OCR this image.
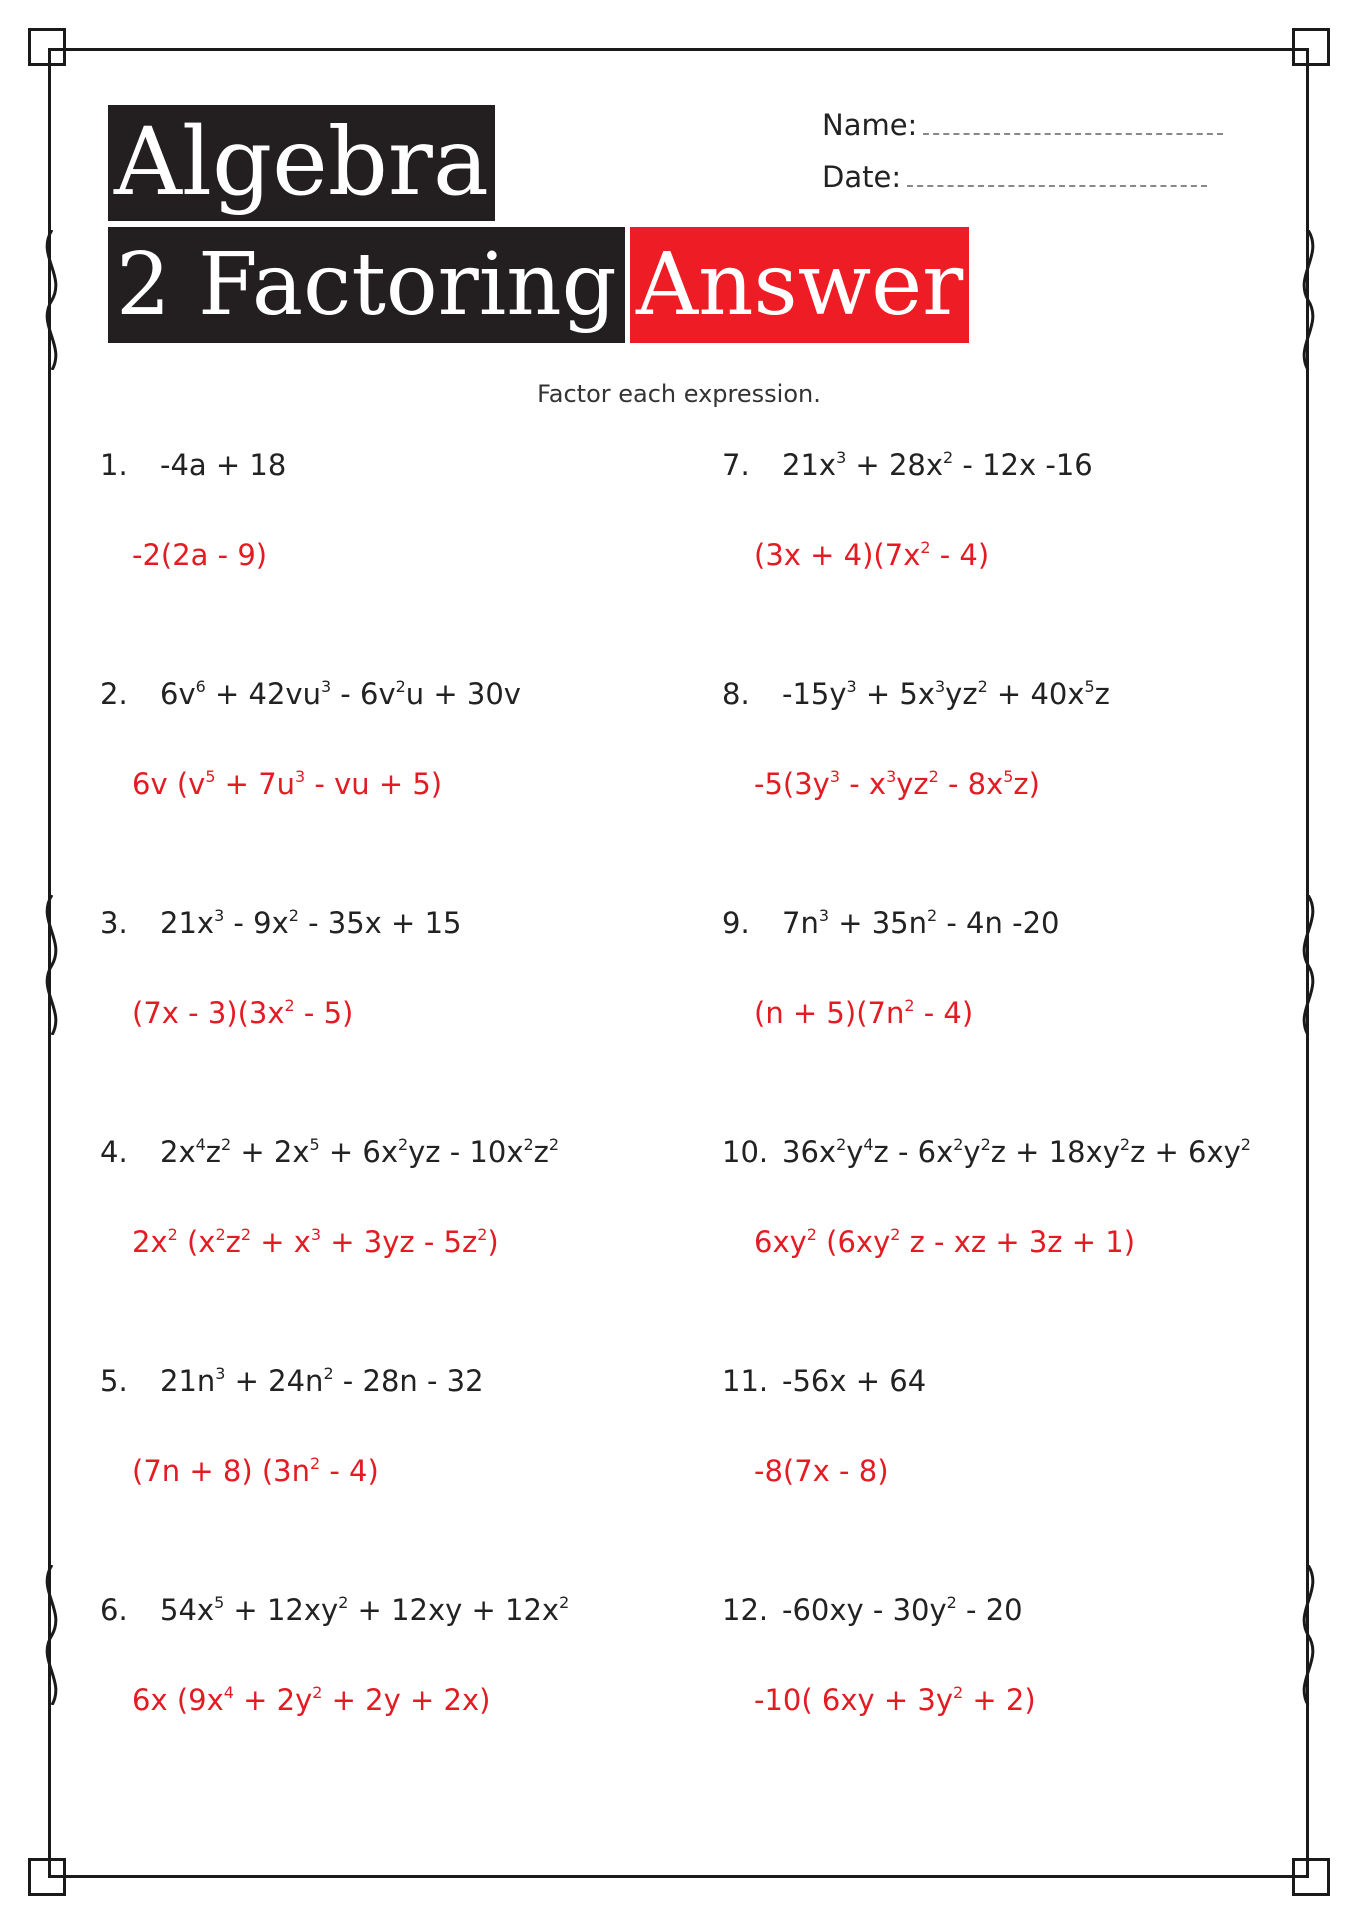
Algebra
2 Factoring Answer
Name:
Date:
Factor each expression.
1. -4a + 18
-2(2a - 9)
2. $6v^6 + 42vu^3 - 6v^2u + 30v$
6v ($v^5 + 7u^3$ - vu + 5)
3. $21x^3 - 9x^2 - 35x + 15$
$(7x - 3)(3x^2 - 5)$
4. $2x^4z^2 + 2x^5 + 6x^2yz - 10x^2z^2$
$2x^2$ $(x^2z^2 + x^3 + 3yz - 5z^2)$
5. $21n^3 + 24n^2 - 28n - 32$
(7n + 8) $(3n^2 - 4)$
6. $54x^5 + 12xy^2 + 12xy + 12x^2$
6x $(9x^4 + 2y^2 + 2y + 2x)$
7. $21x^3 + 28x^2 - 12x$ -16
$(3x + 4)(7x^2 - 4)$
8. $-15y^3 + 5x^3yz^2 + 40x^5z$
$-5(3y^3 - x^3yz^2 - 8x^5z)$
9. $7n^3 + 35n^2 - 4n$ -20
$(n + 5)(7n^2 - 4)$
10. $36x^2y^4z - 6x^2y^2z + 18xy^2z + 6xy^2$
$6xy^2$ ($6xy^2$ z - xz + 3z + 1)
11. -56x + 64
-8(7x - 8)
12. $-60xy - 30y^2 - 20$
-10( $6xy + 3y^2 + 2$)
